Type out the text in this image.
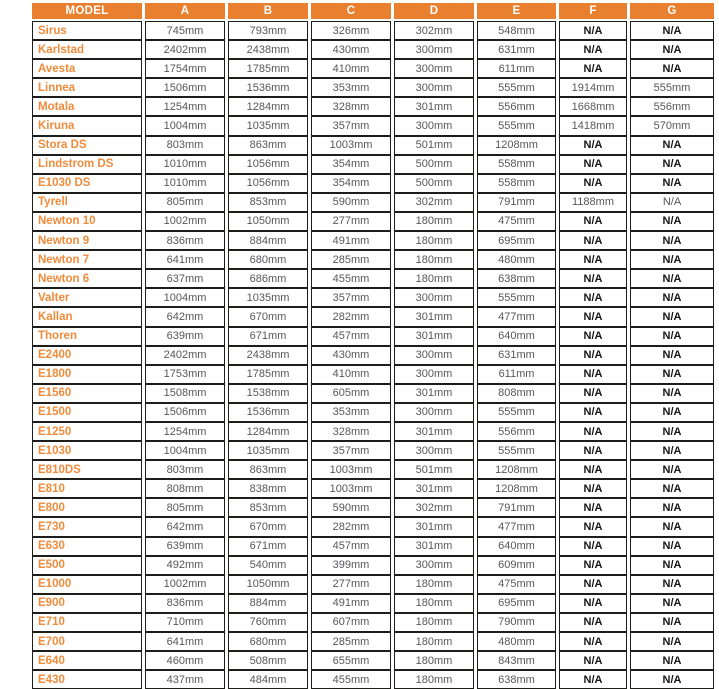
MODEL	A	B	C	D	E	F	G
Sirus	745mm	793mm	326mm	302mm	548mm	N/A	N/A
Karlstad	2402mm	2438mm	430mm	300mm	631mm	N/A	N/A
Avesta	1754mm	1785mm	410mm	300mm	611mm	N/A	N/A
Linnea	1506mm	1536mm	353mm	300mm	555mm	1914mm	555mm
Motala	1254mm	1284mm	328mm	301mm	556mm	1668mm	556mm
Kiruna	1004mm	1035mm	357mm	300mm	555mm	1418mm	570mm
Stora DS	803mm	863mm	1003mm	501mm	1208mm	N/A	N/A
Lindstrom DS	1010mm	1056mm	354mm	500mm	558mm	N/A	N/A
E1030 DS	1010mm	1056mm	354mm	500mm	558mm	N/A	N/A
Tyrell	805mm	853mm	590mm	302mm	791mm	1188mm	N/A
Newton 10	1002mm	1050mm	277mm	180mm	475mm	N/A	N/A
Newton 9	836mm	884mm	491mm	180mm	695mm	N/A	N/A
Newton 7	641mm	680mm	285mm	180mm	480mm	N/A	N/A
Newton 6	637mm	686mm	455mm	180mm	638mm	N/A	N/A
Valter	1004mm	1035mm	357mm	300mm	555mm	N/A	N/A
Kallan	642mm	670mm	282mm	301mm	477mm	N/A	N/A
Thoren	639mm	671mm	457mm	301mm	640mm	N/A	N/A
E2400	2402mm	2438mm	430mm	300mm	631mm	N/A	N/A
E1800	1753mm	1785mm	410mm	300mm	611mm	N/A	N/A
E1560	1508mm	1538mm	605mm	301mm	808mm	N/A	N/A
E1500	1506mm	1536mm	353mm	300mm	555mm	N/A	N/A
E1250	1254mm	1284mm	328mm	301mm	556mm	N/A	N/A
E1030	1004mm	1035mm	357mm	300mm	555mm	N/A	N/A
E810DS	803mm	863mm	1003mm	501mm	1208mm	N/A	N/A
E810	808mm	838mm	1003mm	301mm	1208mm	N/A	N/A
E800	805mm	853mm	590mm	302mm	791mm	N/A	N/A
E730	642mm	670mm	282mm	301mm	477mm	N/A	N/A
E630	639mm	671mm	457mm	301mm	640mm	N/A	N/A
E500	492mm	540mm	399mm	300mm	609mm	N/A	N/A
E1000	1002mm	1050mm	277mm	180mm	475mm	N/A	N/A
E900	836mm	884mm	491mm	180mm	695mm	N/A	N/A
E710	710mm	760mm	607mm	180mm	790mm	N/A	N/A
E700	641mm	680mm	285mm	180mm	480mm	N/A	N/A
E640	460mm	508mm	655mm	180mm	843mm	N/A	N/A
E430	437mm	484mm	455mm	180mm	638mm	N/A	N/A
